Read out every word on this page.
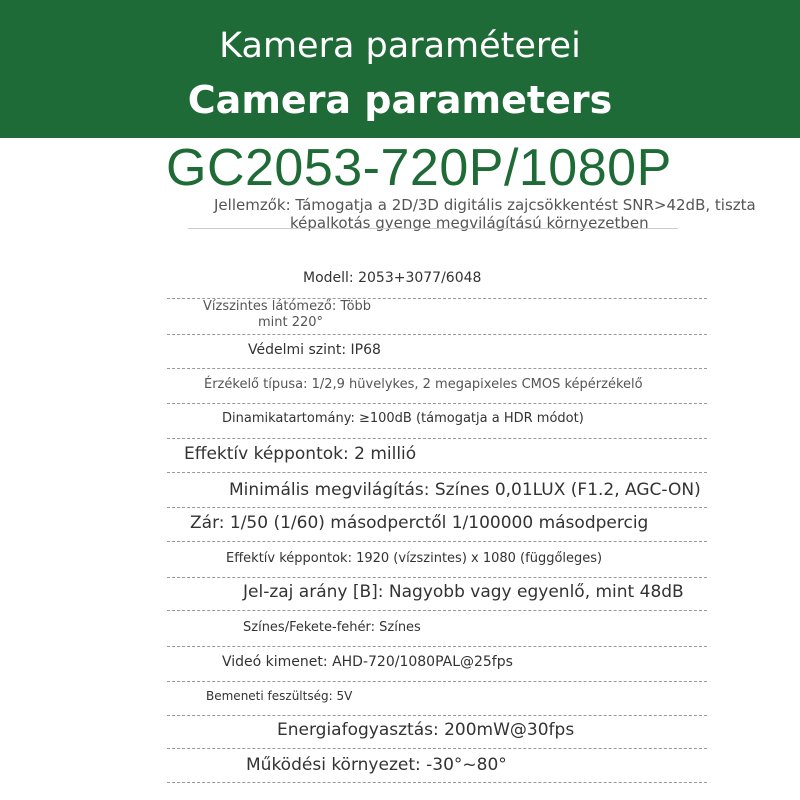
Kamera paraméterei
Camera parameters
GC2053-720P/1080P
Jellemzők: Támogatja a 2D/3D digitális zajcsökkentést SNR>42dB, tiszta
képalkotás gyenge megvilágítású környezetben
Modell: 2053+3077/6048
Vízszintes látómező: Több
mint 220°
Védelmi szint: IP68
Érzékelő típusa: 1/2,9 hüvelykes, 2 megapixeles CMOS képérzékelő
Dinamikatartomány: ≥100dB (támogatja a HDR módot)
Effektív képpontok: 2 millió
Minimális megvilágítás: Színes 0,01LUX (F1.2, AGC-ON)
Zár: 1/50 (1/60) másodperctől 1/100000 másodpercig
Effektív képpontok: 1920 (vízszintes) x 1080 (függőleges)
Jel-zaj arány [B]: Nagyobb vagy egyenlő, mint 48dB
Színes/Fekete-fehér: Színes
Videó kimenet: AHD-720/1080PAL@25fps
Bemeneti feszültség: 5V
Energiafogyasztás: 200mW@30fps
Működési környezet: -30°~80°
